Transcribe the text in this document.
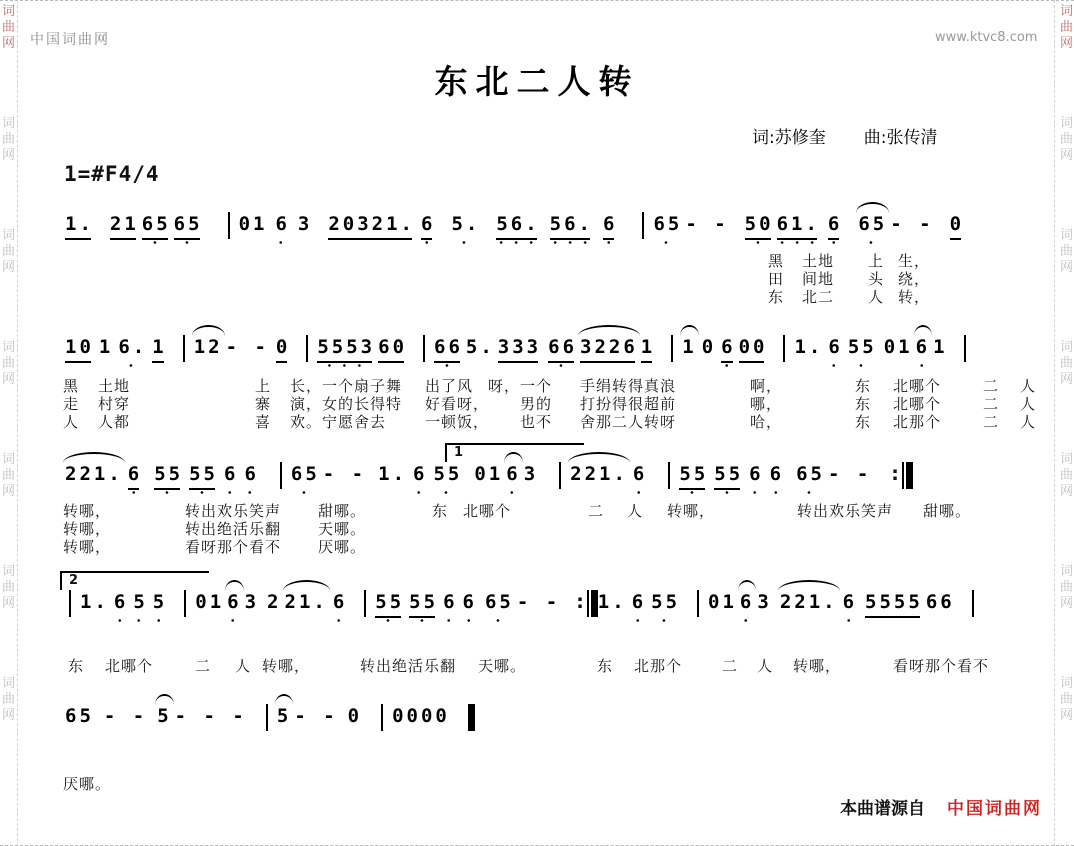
词
曲
网
词
曲
网
词
曲
网
词
曲
网
词
曲
网
词
曲
网
词
曲
网
词
曲
网
词
曲
网
词
曲
网
词
曲
网
词
曲
网
词
曲
网
词
曲
网
中国词曲网	www.ktvc8.com
东北二人转
词:苏修奎 曲:张传清
1=#F4/4
1. 21 65 65 01 6 3 20321. 6 5. 56. 56. 6 65 - - 50 61. 6 65 - - 0
10 1 6. 1 12 - - 0 5553 60 66 5. 333 66 3226 1 1 0 6 00 1. 6 55 01 6 1
1
221. 6 55 55 6 6 65 - - 1. 6 55 01 6 3 221. 6 55 55 6 6 65 - - :
2
1. 6 5 5 01 6 3 2 21. 6 55 55 6 6 65 - - : 1. 6 55 01 6 3 221. 6 5555 66
65 - - 5 - - - 5 - - 0 0000
黑 土地 上 生，
田 间地 头 绕，
东 北二 人 转，
黑 土地	上 长， 一个扇子舞 出了风 呀，一个 手绢转得真浪	啊，	东 北哪个	二 人
走 村穿	寨 演， 女的长得特 好看呀， 男的 打扮得很超前	哪，	东 北哪个	二 人
人 人都	喜 欢。 宁愿舍去	一顿饭， 也不 舍那二人转呀	哈，	东 北那个	二 人
转哪，	转出欢乐笑声 甜哪。	东 北哪个	二 人 转哪，	转出欢乐笑声 甜哪。
转哪，	转出绝活乐翻 天哪。
转哪，	看呀那个看不 厌哪。
东 北哪个	二 人 转哪，	转出绝活乐翻 天哪。	东 北那个	二 人 转哪，	看呀那个看不
厌哪。
本曲谱源自 中国词曲网
